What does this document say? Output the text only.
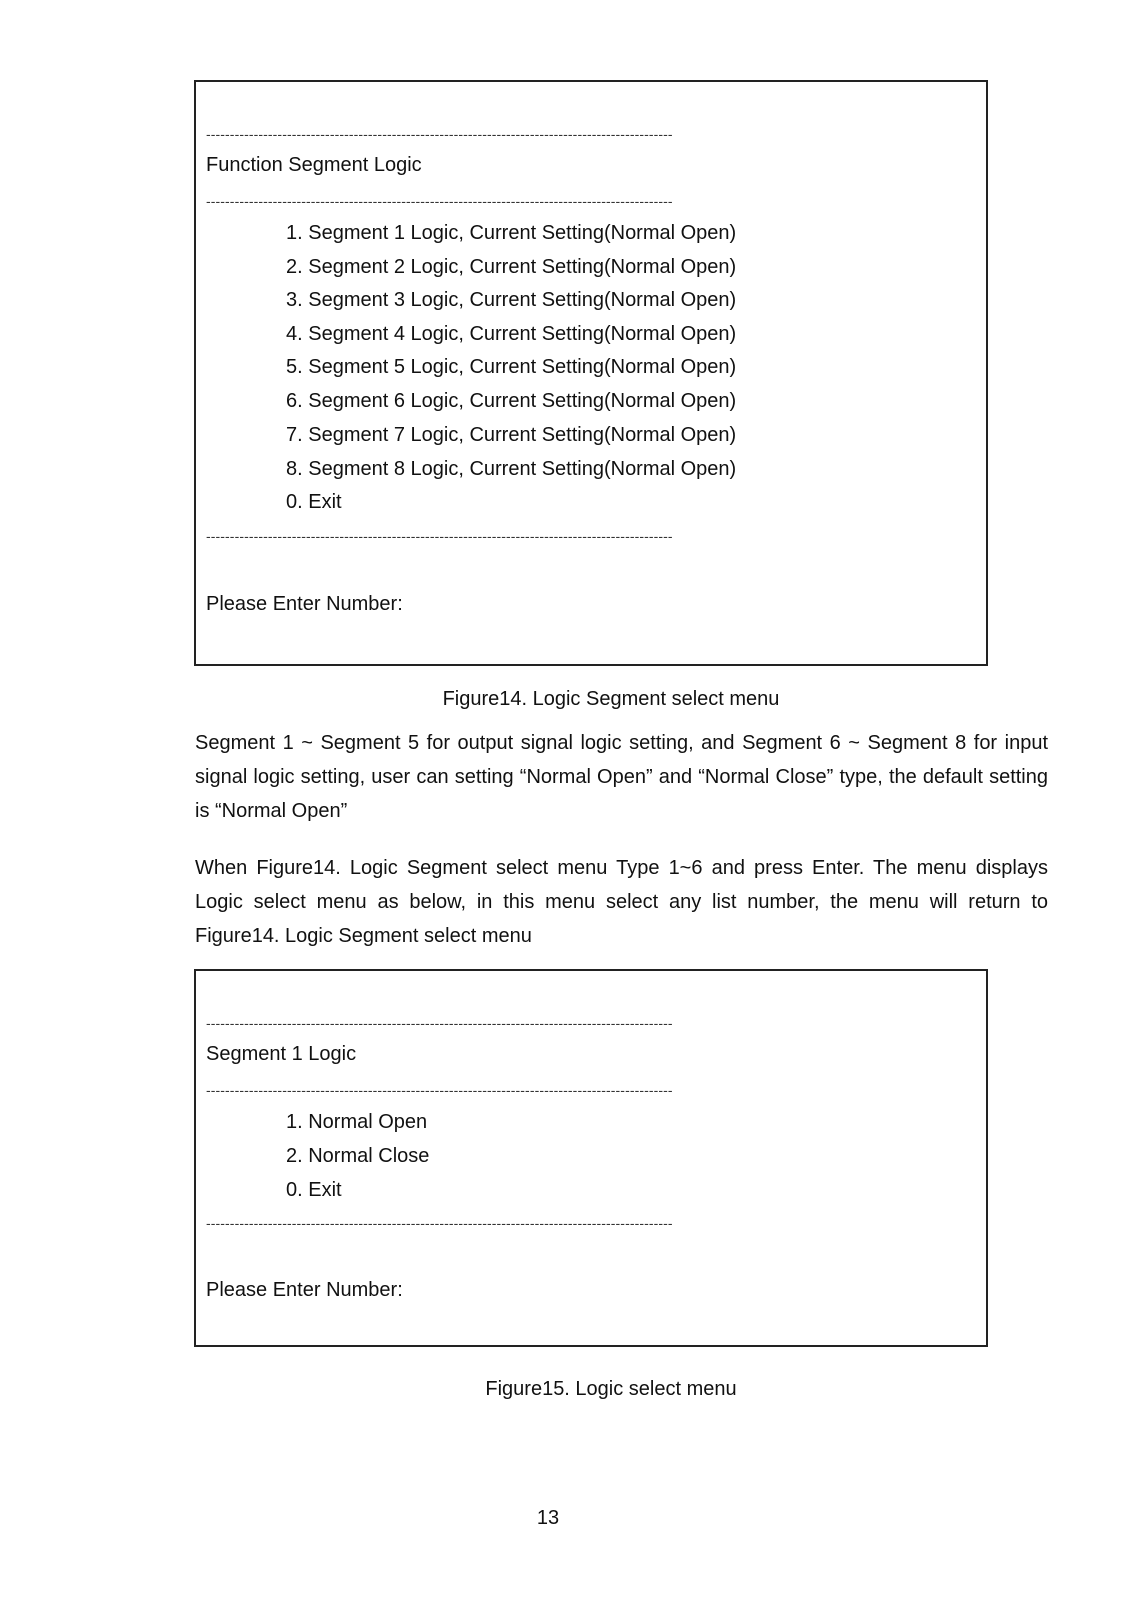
--------------------------------------------------------------------------------------------------
Function Segment Logic
--------------------------------------------------------------------------------------------------
1. Segment 1 Logic, Current Setting(Normal Open)
2. Segment 2 Logic, Current Setting(Normal Open)
3. Segment 3 Logic, Current Setting(Normal Open)
4. Segment 4 Logic, Current Setting(Normal Open)
5. Segment 5 Logic, Current Setting(Normal Open)
6. Segment 6 Logic, Current Setting(Normal Open)
7. Segment 7 Logic, Current Setting(Normal Open)
8. Segment 8 Logic, Current Setting(Normal Open)
0. Exit
--------------------------------------------------------------------------------------------------
Please Enter Number:
Figure14. Logic Segment select menu
Segment 1 ~ Segment 5 for output signal logic setting, and Segment 6 ~ Segment 8 for input signal logic setting, user can setting “Normal Open” and “Normal Close” type, the default setting is “Normal Open”
When Figure14. Logic Segment select menu Type 1~6 and press Enter. The menu displays Logic select menu as below, in this menu select any list number, the menu will return to Figure14. Logic Segment select menu
--------------------------------------------------------------------------------------------------
Segment 1 Logic
--------------------------------------------------------------------------------------------------
1. Normal Open
2. Normal Close
0. Exit
--------------------------------------------------------------------------------------------------
Please Enter Number:
Figure15. Logic select menu
13
